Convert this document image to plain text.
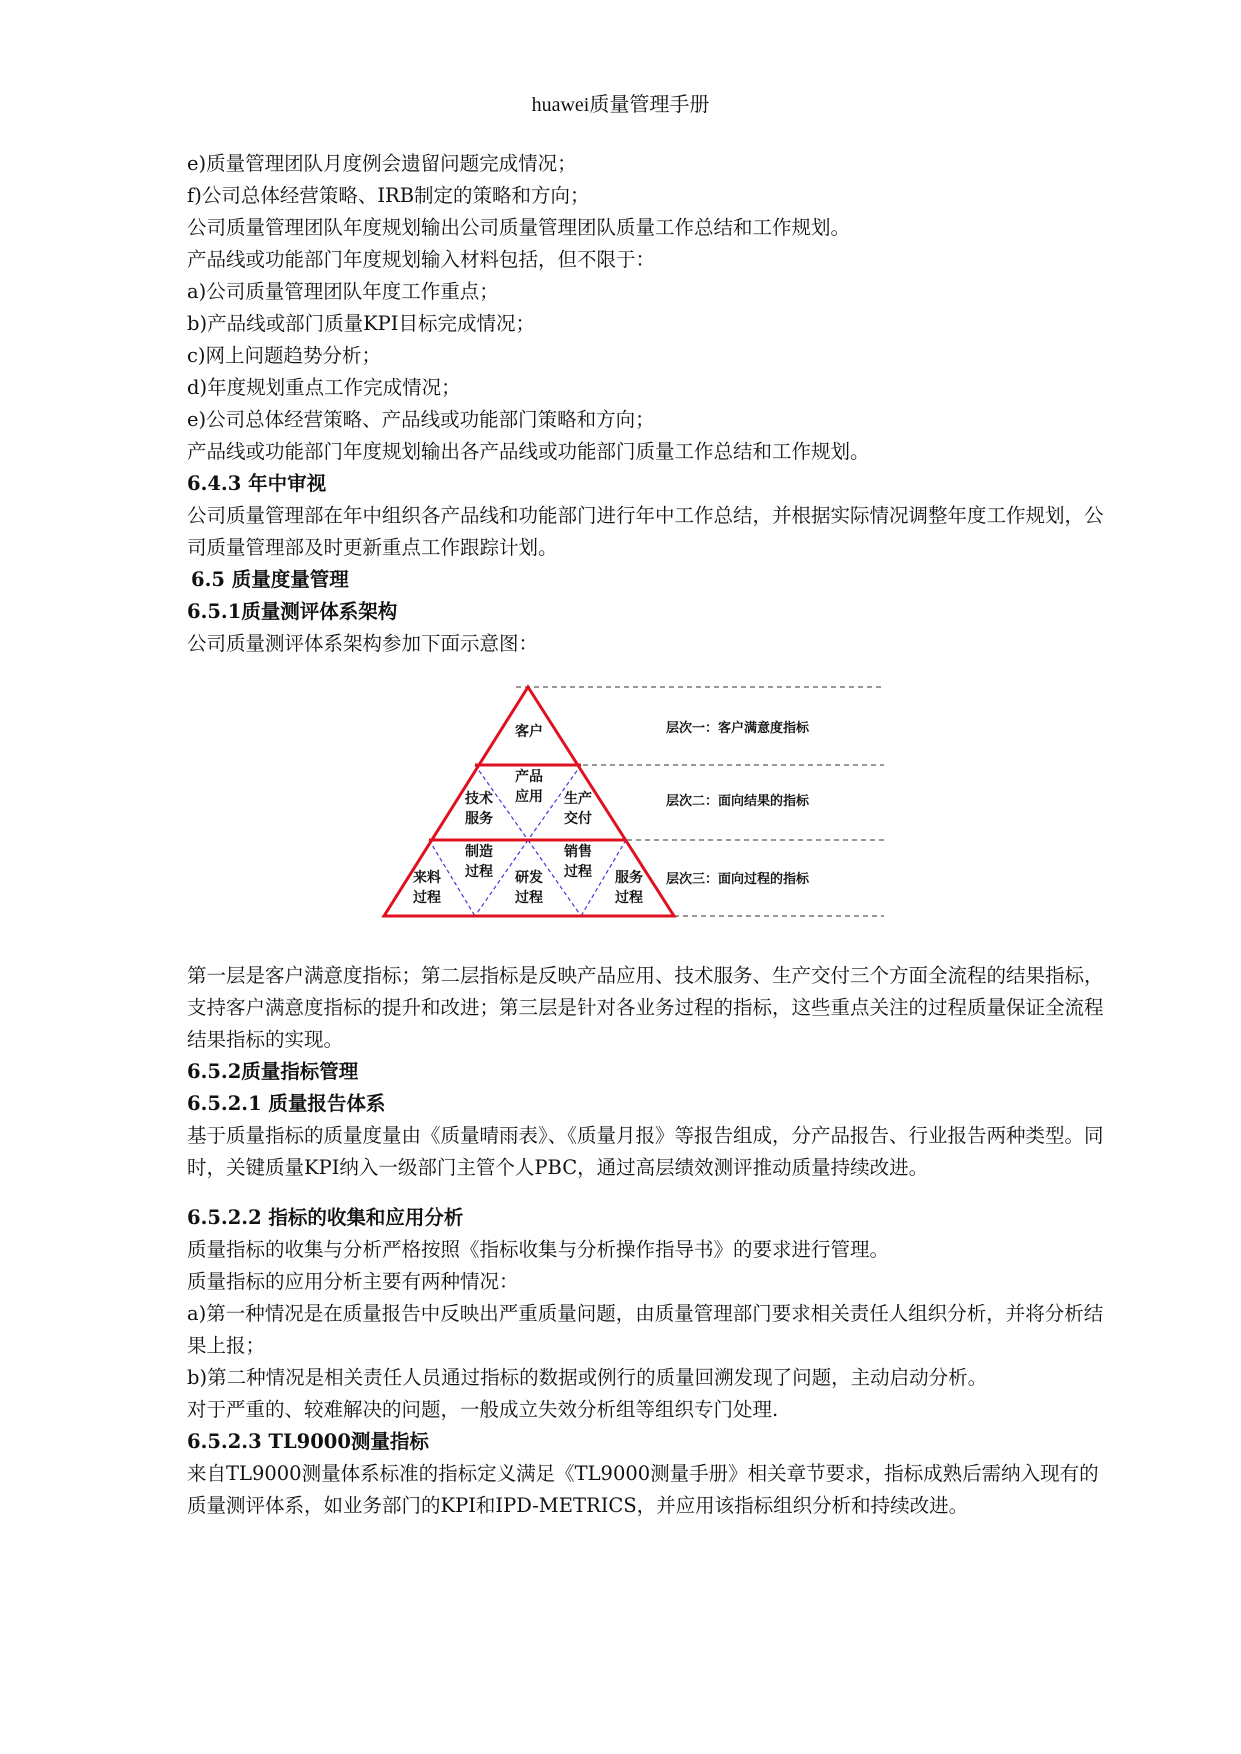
huawei质量管理手册
e)质量管理团队月度例会遗留问题完成情况；
f)公司总体经营策略、IRB制定的策略和方向；
公司质量管理团队年度规划输出公司质量管理团队质量工作总结和工作规划。
产品线或功能部门年度规划输入材料包括，但不限于：
a)公司质量管理团队年度工作重点；
b)产品线或部门质量KPI目标完成情况；
c)网上问题趋势分析；
d)年度规划重点工作完成情况；
e)公司总体经营策略、产品线或功能部门策略和方向；
产品线或功能部门年度规划输出各产品线或功能部门质量工作总结和工作规划。
6.4.3 年中审视
公司质量管理部在年中组织各产品线和功能部门进行年中工作总结，并根据实际情况调整年度工作规划，公司质量管理部及时更新重点工作跟踪计划。
6.5 质量度量管理
6.5.1质量测评体系架构
公司质量测评体系架构参加下面示意图：
客户
产品
应用
技术
服务
生产
交付
来料
过程
制造
过程	研发
过程
销售
过程	服务
过程
层次一：客户满意度指标
层次二：面向结果的指标
层次三：面向过程的指标
第一层是客户满意度指标；第二层指标是反映产品应用、技术服务、生产交付三个方面全流程的结果指标，支持客户满意度指标的提升和改进；第三层是针对各业务过程的指标，这些重点关注的过程质量保证全流程结果指标的实现。
6.5.2质量指标管理
6.5.2.1 质量报告体系
基于质量指标的质量度量由《质量晴雨表》、《质量月报》等报告组成，分产品报告、行业报告两种类型。同时，关键质量KPI纳入一级部门主管个人PBC，通过高层绩效测评推动质量持续改进。
6.5.2.2 指标的收集和应用分析
质量指标的收集与分析严格按照《指标收集与分析操作指导书》的要求进行管理。
质量指标的应用分析主要有两种情况：
a)第一种情况是在质量报告中反映出严重质量问题，由质量管理部门要求相关责任人组织分析，并将分析结果上报；
b)第二种情况是相关责任人员通过指标的数据或例行的质量回溯发现了问题，主动启动分析。
对于严重的、较难解决的问题，一般成立失效分析组等组织专门处理.
6.5.2.3 TL9000测量指标
来自TL9000测量体系标准的指标定义满足《TL9000测量手册》相关章节要求，指标成熟后需纳入现有的质量测评体系，如业务部门的KPI和IPD-METRICS，并应用该指标组织分析和持续改进。
